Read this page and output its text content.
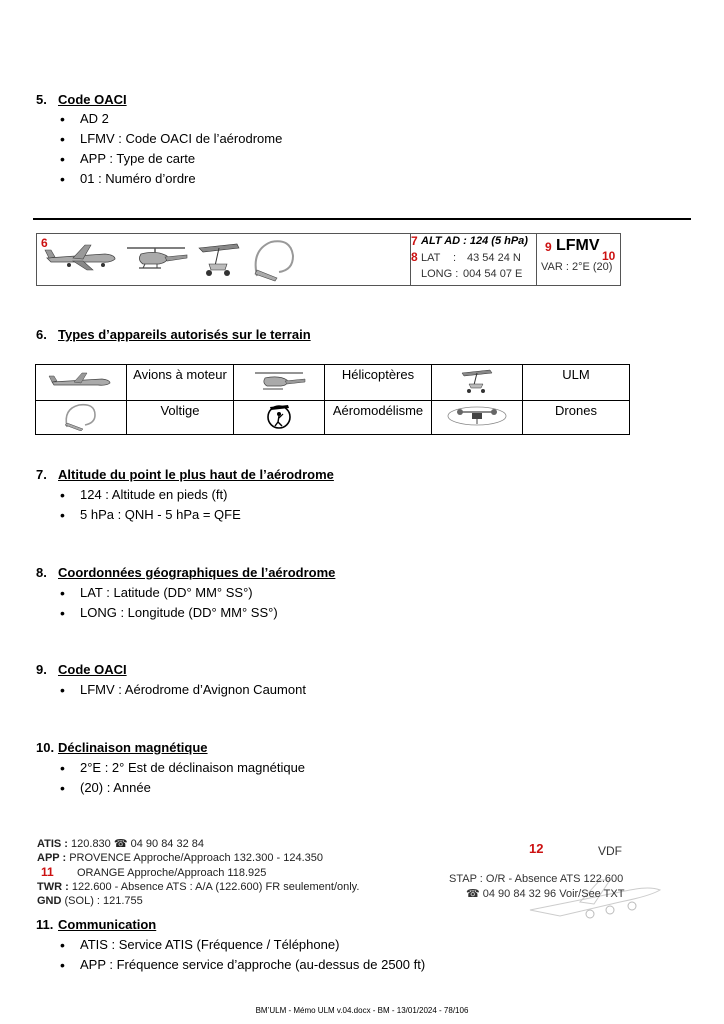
5. Code OACI
• AD 2
• LFMV : Code OACI de l’aérodrome
• APP : Type de carte
• 01 : Numéro d’ordre
6	7 ALT AD : 124 (5 hPa)
8 LAT : 43 54 24 N
LONG : 004 54 07 E
9 LFMV
10
VAR : 2°E (20)
6. Types d’appareils autorisés sur le terrain
	Avions à moteur		Hélicoptères		ULM
	Voltige		Aéromodélisme		Drones
7. Altitude du point le plus haut de l’aérodrome
• 124 : Altitude en pieds (ft)
• 5 hPa : QNH - 5 hPa = QFE
8. Coordonnées géographiques de l’aérodrome
• LAT : Latitude (DD° MM° SS°)
• LONG : Longitude (DD° MM° SS°)
9. Code OACI
• LFMV : Aérodrome d’Avignon Caumont
10. Déclinaison magnétique
• 2°E : 2° Est de déclinaison magnétique
• (20) : Année
ATIS : 120.830 ☎ 04 90 84 32 84
APP : PROVENCE Approche/Approach 132.300 - 124.350
11 ORANGE Approche/Approach 118.925
TWR : 122.600 - Absence ATS : A/A (122.600) FR seulement/only.
GND (SOL) : 121.755
12	VDF
STAP : O/R - Absence ATS 122.600
☎ 04 90 84 32 96 Voir/See TXT
11. Communication
• ATIS : Service ATIS (Fréquence / Téléphone)
• APP : Fréquence service d’approche (au-dessus de 2500 ft)
BM’ULM - Mémo ULM v.04.docx - BM - 13/01/2024 - 78/106
